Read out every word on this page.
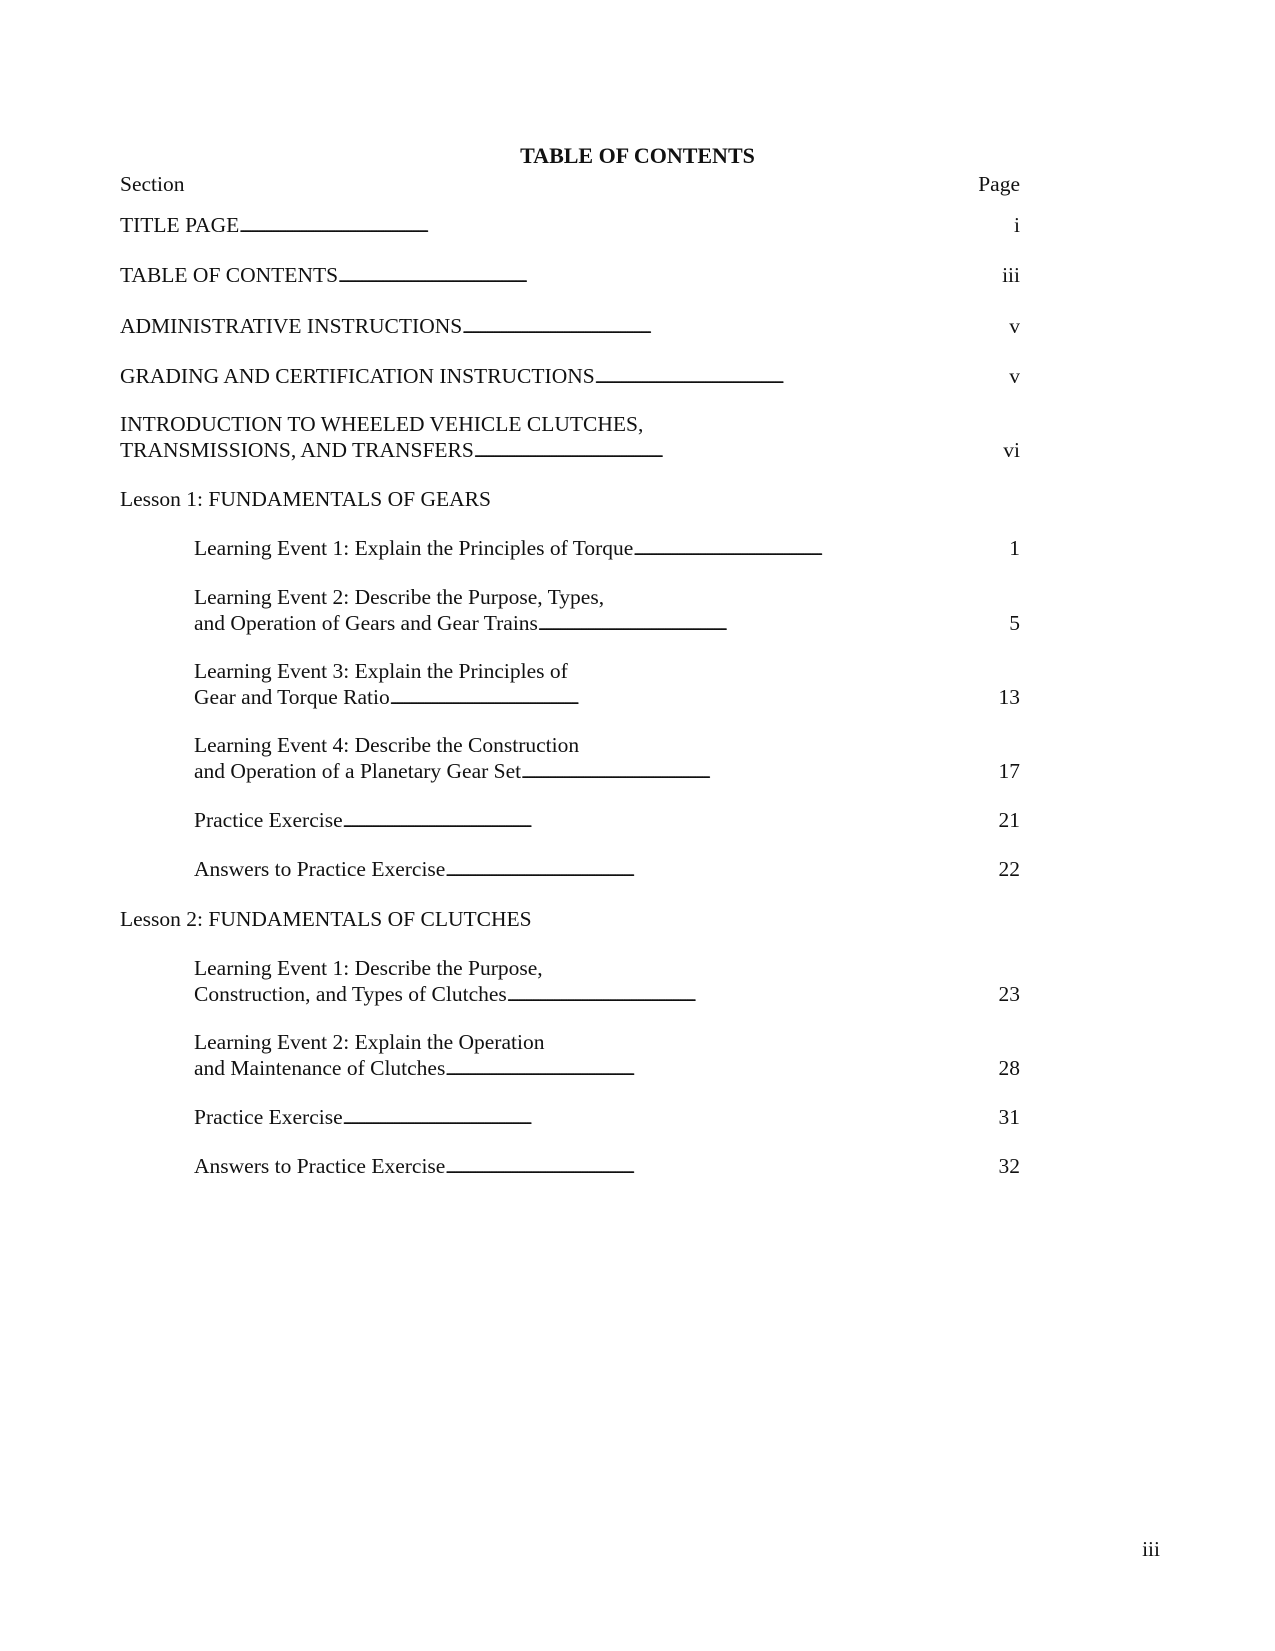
TABLE OF CONTENTS
Section	Page
TITLE PAGE . . .	i
TABLE OF CONTENTS . . .	iii
ADMINISTRATIVE INSTRUCTIONS . . .	v
GRADING AND CERTIFICATION INSTRUCTIONS . . .	v
INTRODUCTION TO WHEELED VEHICLE CLUTCHES,
TRANSMISSIONS, AND TRANSFERS . . .	vi
Lesson 1: FUNDAMENTALS OF GEARS
Learning Event 1: Explain the Principles of Torque . . .	1
Learning Event 2: Describe the Purpose, Types,
and Operation of Gears and Gear Trains . . .	5
Learning Event 3: Explain the Principles of
Gear and Torque Ratio . . .	13
Learning Event 4: Describe the Construction
and Operation of a Planetary Gear Set . . .	17
Practice Exercise . . .	21
Answers to Practice Exercise . . .	22
Lesson 2: FUNDAMENTALS OF CLUTCHES
Learning Event 1: Describe the Purpose,
Construction, and Types of Clutches . . .	23
Learning Event 2: Explain the Operation
and Maintenance of Clutches . . .	28
Practice Exercise . . .	31
Answers to Practice Exercise . . .	32
iii
